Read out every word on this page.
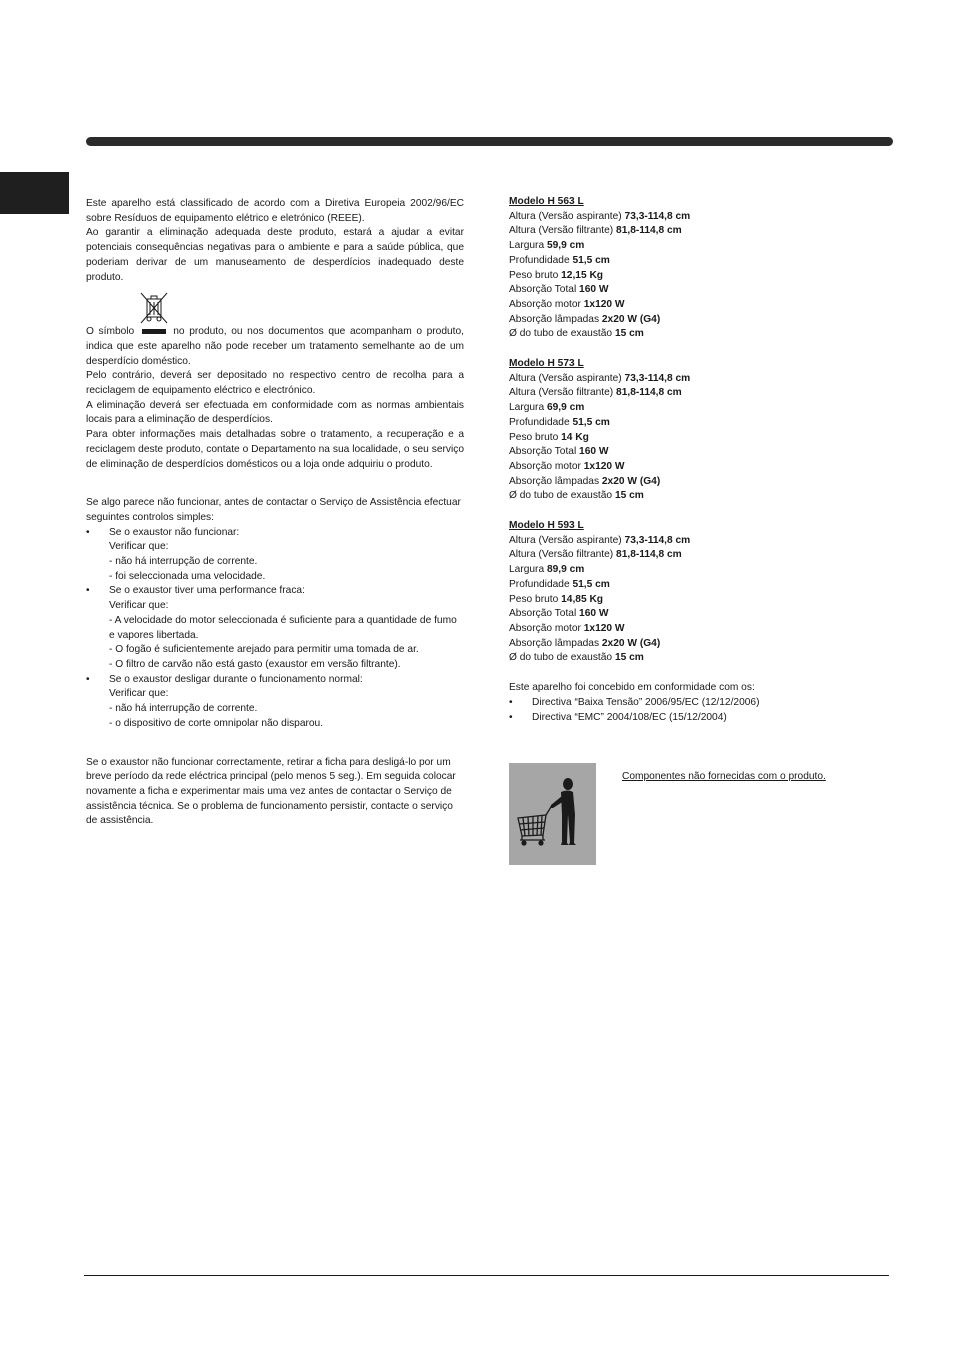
Este aparelho está classificado de acordo com a Diretiva Europeia 2002/96/EC sobre Resíduos de equipamento elétrico e eletrónico (REEE).

Ao garantir a eliminação adequada deste produto, estará a ajudar a evitar potenciais consequências negativas para o ambiente e para a saúde pública, que poderiam derivar de um manuseamento de desperdícios inadequado deste produto.

O símbolo	no produto, ou nos documentos que acompanham o produto, indica que este aparelho não pode receber um tratamento semelhante ao de um desperdício doméstico.

Pelo contrário, deverá ser depositado no respectivo centro de recolha para a reciclagem de equipamento eléctrico e electrónico.

A eliminação deverá ser efectuada em conformidade com as normas ambientais locais para a eliminação de desperdícios.

Para obter informações mais detalhadas sobre o tratamento, a recuperação e a reciclagem deste produto, contate o Departamento na sua localidade, o seu serviço de eliminação de desperdícios domésticos ou a loja onde adquiriu o produto.

Se algo parece não funcionar, antes de contactar o Serviço de Assistência efectuar seguintes controlos simples:

• Se o exaustor não funcionar:
Verificar que:
- não há interrupção de corrente.
- foi seleccionada uma velocidade.
• Se o exaustor tiver uma performance fraca:
Verificar que:
- A velocidade do motor seleccionada é suficiente para a quantidade de fumo e vapores libertada.
- O fogão é suficientemente arejado para permitir uma tomada de ar.
- O filtro de carvão não está gasto (exaustor em versão filtrante).
• Se o exaustor desligar durante o funcionamento normal:
Verificar que:
- não há interrupção de corrente.
- o dispositivo de corte omnipolar não disparou.

Se o exaustor não funcionar correctamente, retirar a ficha para desligá-lo por um breve período da rede eléctrica principal (pelo menos 5 seg.). Em seguida colocar novamente a ficha e experimentar mais uma vez antes de contactar o Serviço de assistência técnica. Se o problema de funcionamento persistir, contacte o serviço de assistência.

Modelo H 563 L

Altura (Versão aspirante) 73,3-114,8 cm

Altura (Versão filtrante) 81,8-114,8 cm

Largura 59,9 cm

Profundidade 51,5 cm

Peso bruto 12,15 Kg

Absorção Total 160 W

Absorção motor 1x120 W

Absorção lâmpadas 2x20 W (G4)

Ø do tubo de exaustão 15 cm

Modelo H 573 L

Altura (Versão aspirante) 73,3-114,8 cm

Altura (Versão filtrante) 81,8-114,8 cm

Largura 69,9 cm

Profundidade 51,5 cm

Peso bruto 14 Kg

Absorção Total 160 W

Absorção motor 1x120 W

Absorção lâmpadas 2x20 W (G4)

Ø do tubo de exaustão 15 cm

Modelo H 593 L

Altura (Versão aspirante) 73,3-114,8 cm

Altura (Versão filtrante) 81,8-114,8 cm

Largura 89,9 cm

Profundidade 51,5 cm

Peso bruto 14,85 Kg

Absorção Total 160 W

Absorção motor 1x120 W

Absorção lâmpadas 2x20 W (G4)

Ø do tubo de exaustão 15 cm

Este aparelho foi concebido em conformidade com os:

• Directiva “Baixa Tensão” 2006/95/EC (12/12/2006)
• Directiva “EMC” 2004/108/EC (15/12/2004)

Componentes não fornecidas com o produto.
